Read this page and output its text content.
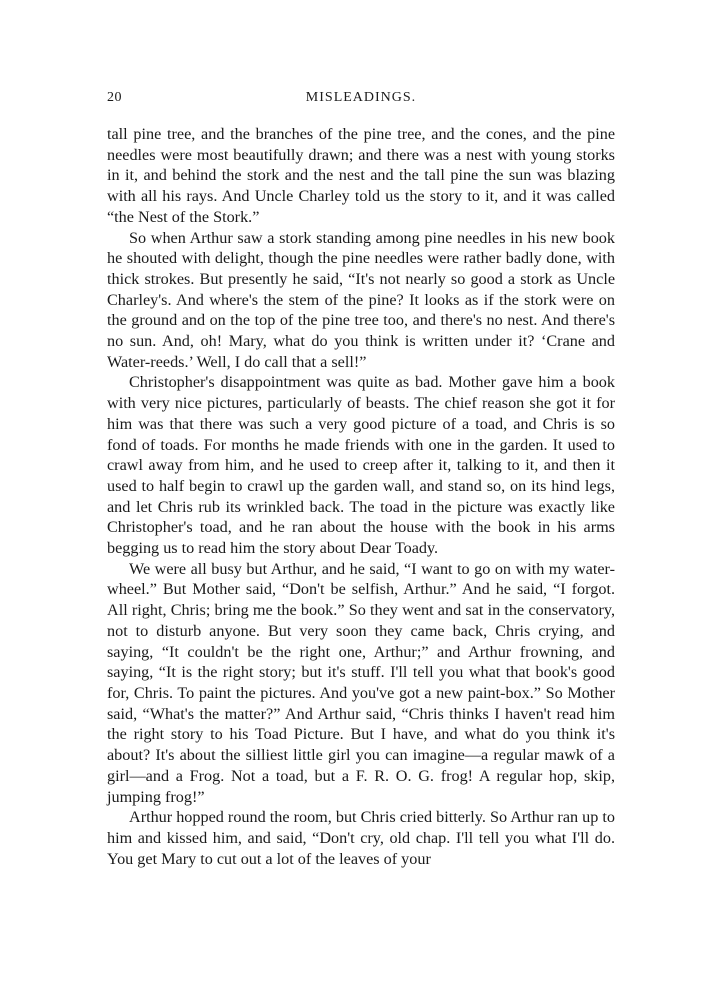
20	MISLEADINGS.

tall pine tree, and the branches of the pine tree, and the cones, and the pine needles were most beautifully drawn; and there was a nest with young storks in it, and behind the stork and the nest and the tall pine the sun was blazing with all his rays. And Uncle Charley told us the story to it, and it was called “the Nest of the Stork.”

So when Arthur saw a stork standing among pine needles in his new book he shouted with delight, though the pine needles were rather badly done, with thick strokes. But presently he said, “It's not nearly so good a stork as Uncle Charley's. And where's the stem of the pine? It looks as if the stork were on the ground and on the top of the pine tree too, and there's no nest. And there's no sun. And, oh! Mary, what do you think is written under it? ‘Crane and Water-reeds.’ Well, I do call that a sell!”

Christopher's disappointment was quite as bad. Mother gave him a book with very nice pictures, particularly of beasts. The chief reason she got it for him was that there was such a very good picture of a toad, and Chris is so fond of toads. For months he made friends with one in the garden. It used to crawl away from him, and he used to creep after it, talking to it, and then it used to half begin to crawl up the garden wall, and stand so, on its hind legs, and let Chris rub its wrinkled back. The toad in the picture was exactly like Christopher's toad, and he ran about the house with the book in his arms begging us to read him the story about Dear Toady.

We were all busy but Arthur, and he said, “I want to go on with my water-wheel.” But Mother said, “Don't be selfish, Arthur.” And he said, “I forgot. All right, Chris; bring me the book.” So they went and sat in the conservatory, not to disturb anyone. But very soon they came back, Chris crying, and saying, “It couldn't be the right one, Arthur;” and Arthur frowning, and saying, “It is the right story; but it's stuff. I'll tell you what that book's good for, Chris. To paint the pictures. And you've got a new paint-box.” So Mother said, “What's the matter?” And Arthur said, “Chris thinks I haven't read him the right story to his Toad Picture. But I have, and what do you think it's about? It's about the silliest little girl you can imagine—a regular mawk of a girl—and a Frog. Not a toad, but a F. R. O. G. frog! A regular hop, skip, jumping frog!”

Arthur hopped round the room, but Chris cried bitterly. So Arthur ran up to him and kissed him, and said, “Don't cry, old chap. I'll tell you what I'll do. You get Mary to cut out a lot of the leaves of your
